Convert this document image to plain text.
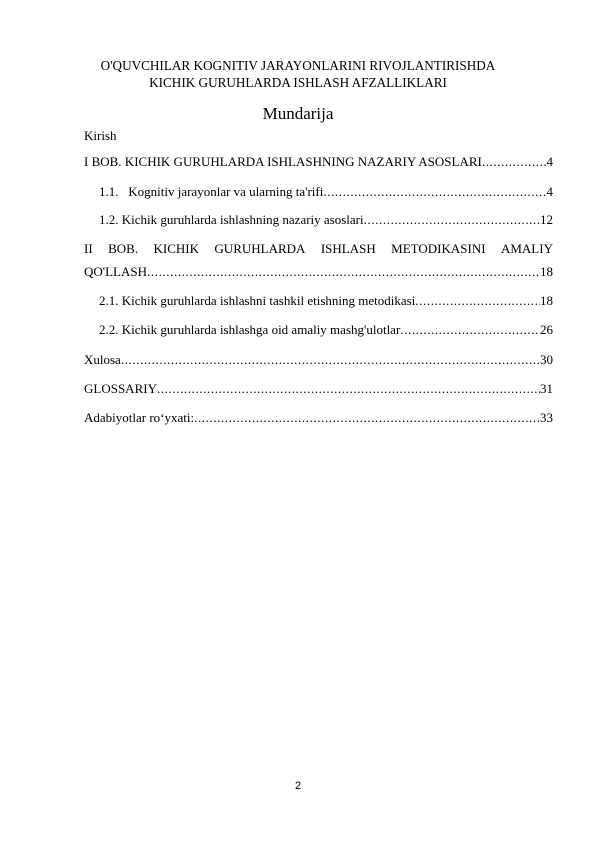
O'QUVCHILAR KOGNITIV JARAYONLARINI RIVOJLANTIRISHDA
KICHIK GURUHLARDA ISHLASH AFZALLIKLARI
Mundarija
Kirish
I BOB. KICHIK GURUHLARDA ISHLASHNING NAZARIY ASOSLARI .....	4
1.1.   Kognitiv jarayonlar va ularning ta'rifi .....	4
1.2. Kichik guruhlarda ishlashning nazariy asoslari .....	12
II BOB. KICHIK GURUHLARDA ISHLASH METODIKASINI AMALIY
QO'LLASH .....	18
2.1. Kichik guruhlarda ishlashni tashkil etishning metodikasi .....	18
2.2. Kichik guruhlarda ishlashga oid amaliy mashg'ulotlar .....	26
Xulosa .....	30
GLOSSARIY .....	31
Adabiyotlar ro‘yxati: .....	33
2
